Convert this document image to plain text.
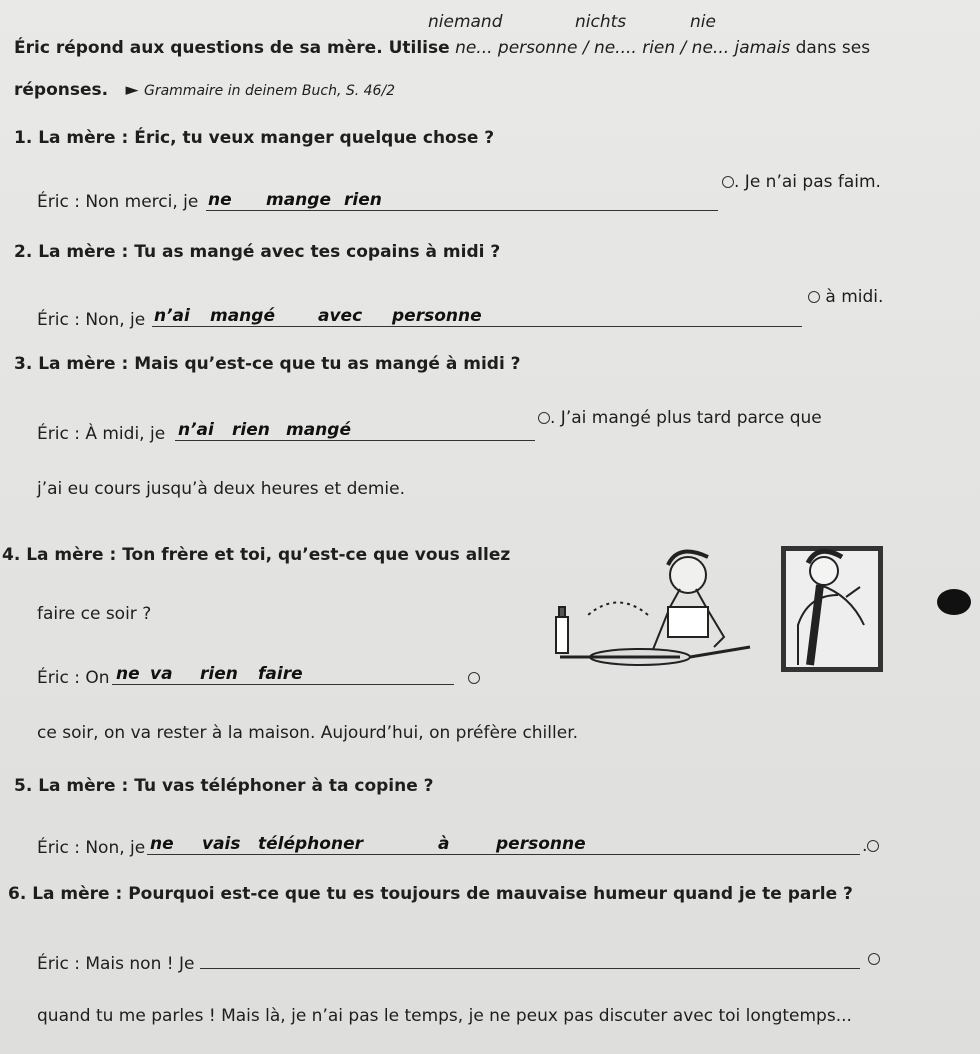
niemand	nichts	nie
Éric répond aux questions de sa mère. Utilise ne... personne / ne.... rien / ne... jamais dans ses
réponses. ► Grammaire in deinem Buch, S. 46/2
1. La mère : Éric, tu veux manger quelque chose ?
Éric : Non merci, je ne mange rien
. Je n’ai pas faim.
2. La mère : Tu as mangé avec tes copains à midi ?
Éric : Non, je n’ai mangé	avec personne
à midi.
3. La mère : Mais qu’est-ce que tu as mangé à midi ?
Éric : À midi, je n’ai rien mangé
. J’ai mangé plus tard parce que
j’ai eu cours jusqu’à deux heures et demie.
4. La mère : Ton frère et toi, qu’est-ce que vous allez
faire ce soir ?
Éric : On ne va rien faire
ce soir, on va rester à la maison. Aujourd’hui, on préfère chiller.
5. La mère : Tu vas téléphoner à ta copine ?
Éric : Non, je ne vais téléphoner	à	personne	.
6. La mère : Pourquoi est-ce que tu es toujours de mauvaise humeur quand je te parle ?
Éric : Mais non ! Je
quand tu me parles ! Mais là, je n’ai pas le temps, je ne peux pas discuter avec toi longtemps...
